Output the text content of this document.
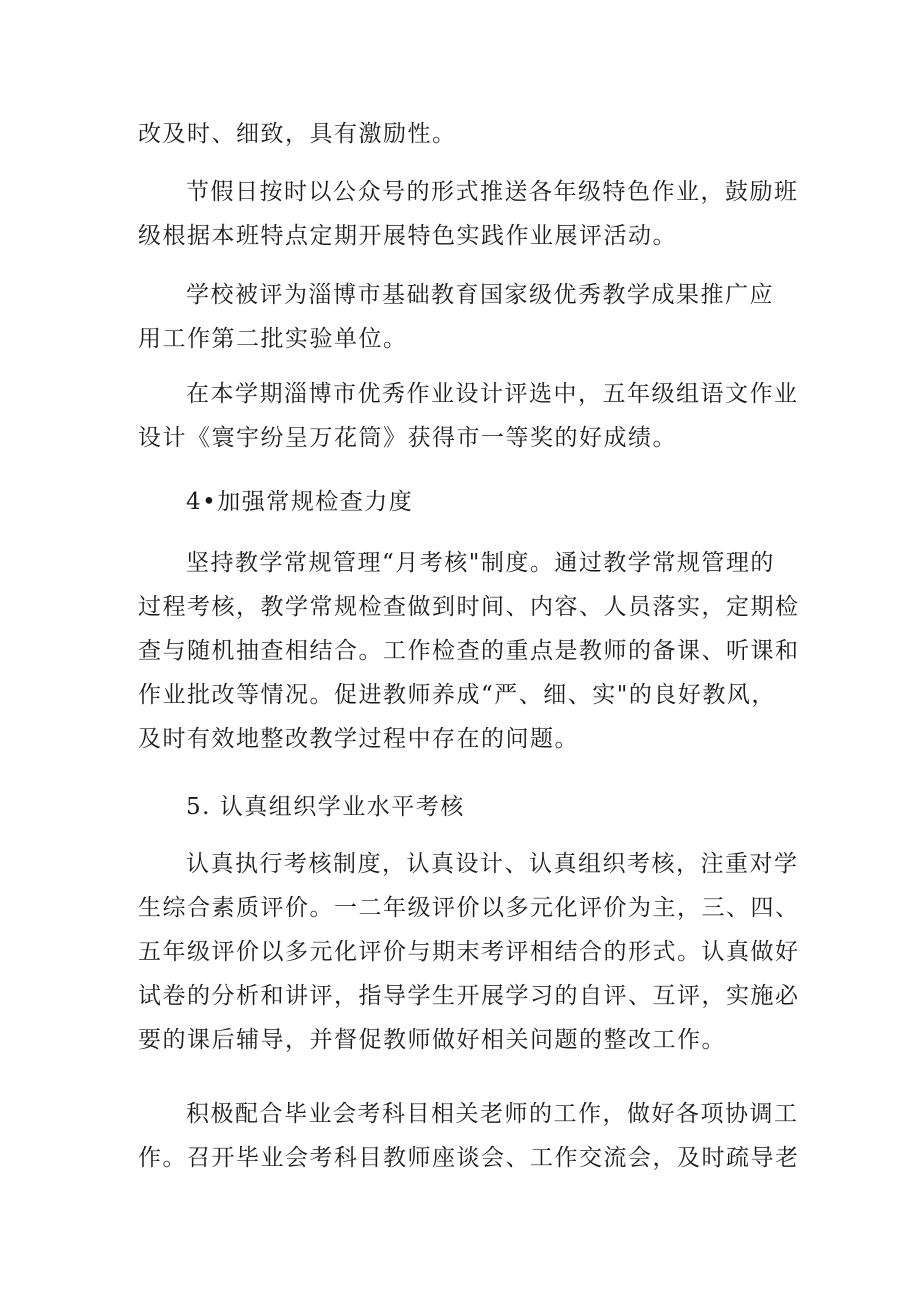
改及时、细致，具有激励性。
节假日按时以公众号的形式推送各年级特色作业，鼓励班
级根据本班特点定期开展特色实践作业展评活动。
学校被评为淄博市基础教育国家级优秀教学成果推广应
用工作第二批实验单位。
在本学期淄博市优秀作业设计评选中，五年级组语文作业
设计《寰宇纷呈万花筒》获得市一等奖的好成绩。
4•加强常规检查力度
坚持教学常规管理“月考核"制度。通过教学常规管理的
过程考核，教学常规检查做到时间、内容、人员落实，定期检
查与随机抽查相结合。工作检查的重点是教师的备课、听课和
作业批改等情况。促进教师养成“严、细、实"的良好教风，
及时有效地整改教学过程中存在的问题。
5. 认真组织学业水平考核
认真执行考核制度，认真设计、认真组织考核，注重对学
生综合素质评价。一二年级评价以多元化评价为主，三、四、
五年级评价以多元化评价与期末考评相结合的形式。认真做好
试卷的分析和讲评，指导学生开展学习的自评、互评，实施必
要的课后辅导，并督促教师做好相关问题的整改工作。
积极配合毕业会考科目相关老师的工作，做好各项协调工
作。召开毕业会考科目教师座谈会、工作交流会，及时疏导老
